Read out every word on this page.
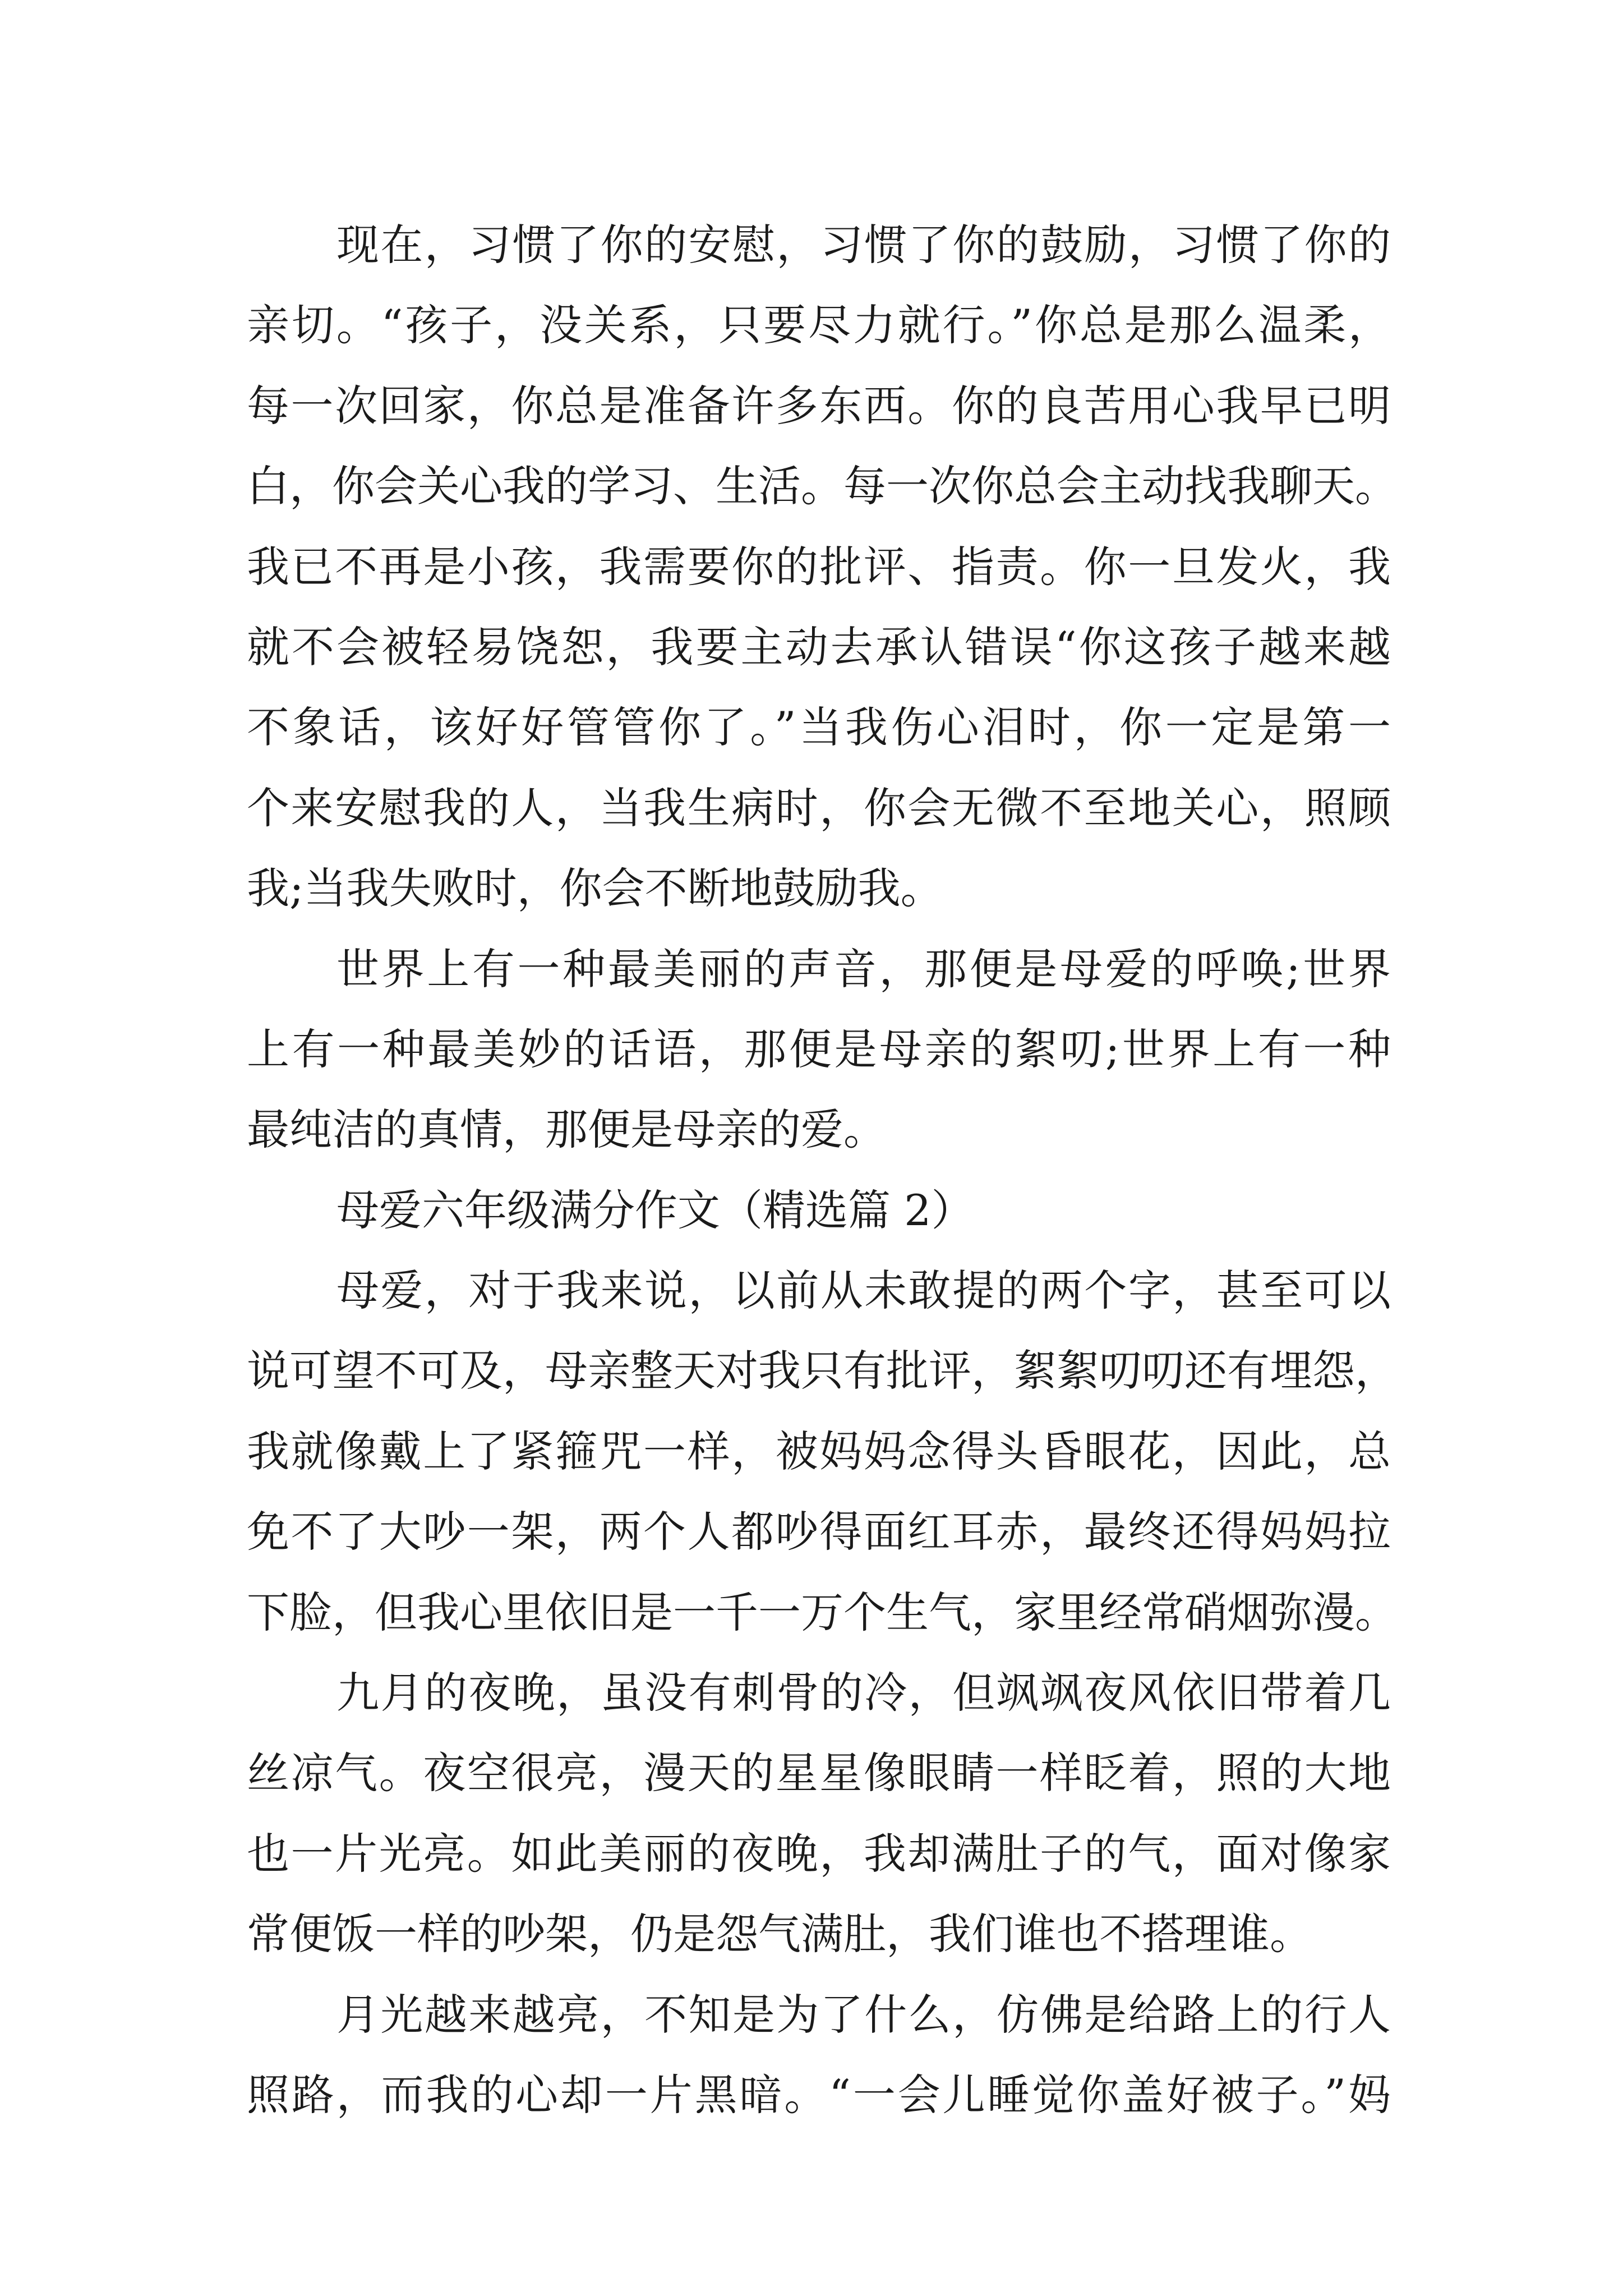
现在，习惯了你的安慰，习惯了你的鼓励，习惯了你的
亲切。“孩子，没关系，只要尽力就行。”你总是那么温柔，
每一次回家，你总是准备许多东西。你的良苦用心我早已明
白，你会关心我的学习、生活。每一次你总会主动找我聊天。
我已不再是小孩，我需要你的批评、指责。你一旦发火，我
就不会被轻易饶恕，我要主动去承认错误“你这孩子越来越
不象话，该好好管管你了。”当我伤心泪时，你一定是第一
个来安慰我的人，当我生病时，你会无微不至地关心，照顾
我;当我失败时，你会不断地鼓励我。
世界上有一种最美丽的声音，那便是母爱的呼唤;世界
上有一种最美妙的话语，那便是母亲的絮叨;世界上有一种
最纯洁的真情，那便是母亲的爱。
母爱六年级满分作文（精选篇 2）
母爱，对于我来说，以前从未敢提的两个字，甚至可以
说可望不可及，母亲整天对我只有批评，絮絮叨叨还有埋怨，
我就像戴上了紧箍咒一样，被妈妈念得头昏眼花，因此，总
免不了大吵一架，两个人都吵得面红耳赤，最终还得妈妈拉
下脸，但我心里依旧是一千一万个生气，家里经常硝烟弥漫。
九月的夜晚，虽没有刺骨的冷，但飒飒夜风依旧带着几
丝凉气。夜空很亮，漫天的星星像眼睛一样眨着，照的大地
也一片光亮。如此美丽的夜晚，我却满肚子的气，面对像家
常便饭一样的吵架，仍是怨气满肚，我们谁也不搭理谁。
月光越来越亮，不知是为了什么，仿佛是给路上的行人
照路，而我的心却一片黑暗。“一会儿睡觉你盖好被子。”妈
